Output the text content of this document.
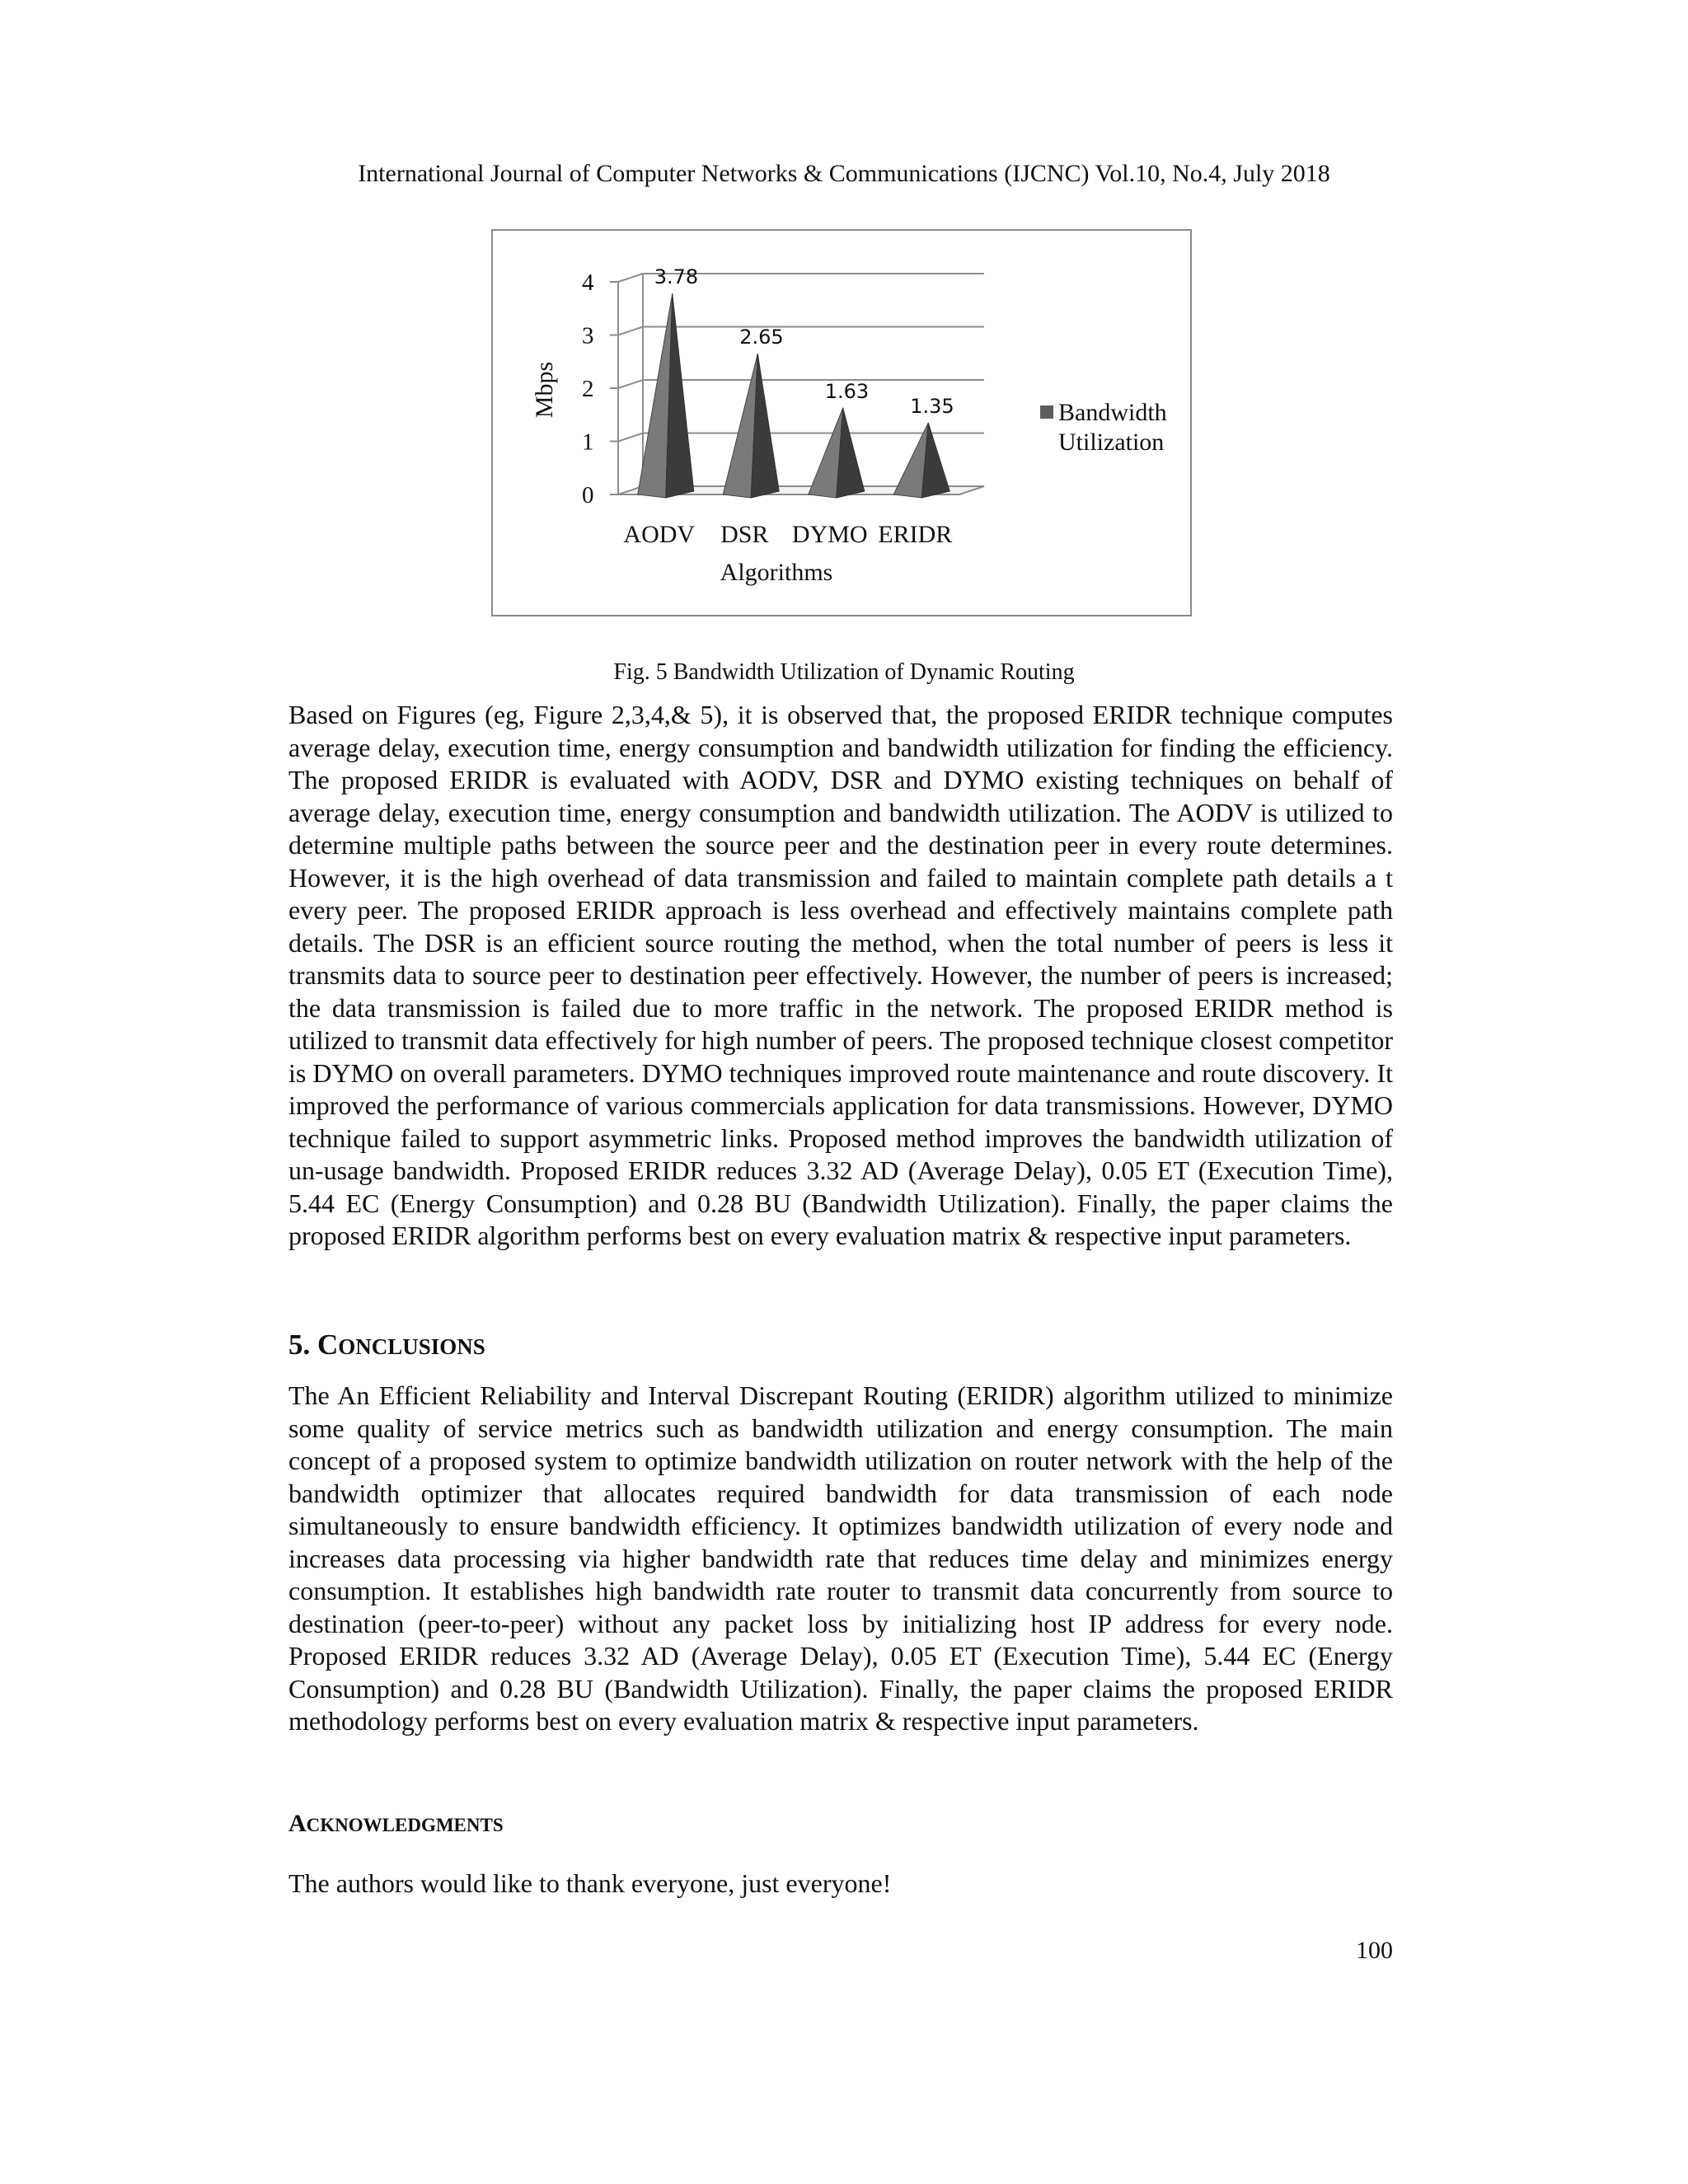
International Journal of Computer Networks & Communications (IJCNC) Vol.10, No.4, July 2018
0
1
2
3
4	3.78
AODV
2.65
DSR
1.63
DYMO
1.35
ERIDR
Algorithms
Mbps	Bandwidth
Utilization
Fig. 5 Bandwidth Utilization of Dynamic Routing

Based on Figures (eg, Figure 2,3,4,& 5), it is observed that, the proposed ERIDR technique computes average delay, execution time, energy consumption and bandwidth utilization for finding the efficiency. The proposed ERIDR is evaluated with AODV, DSR and DYMO existing techniques on behalf of average delay, execution time, energy consumption and bandwidth utilization. The AODV is utilized to determine multiple paths between the source peer and the destination peer in every route determines. However, it is the high overhead of data transmission and failed to maintain complete path details a t every peer. The proposed ERIDR approach is less overhead and effectively maintains complete path details. The DSR is an efficient source routing the method, when the total number of peers is less it transmits data to source peer to destination peer effectively. However, the number of peers is increased; the data transmission is failed due to more traffic in the network. The proposed ERIDR method is utilized to transmit data effectively for high number of peers. The proposed technique closest competitor is DYMO on overall parameters. DYMO techniques improved route maintenance and route discovery. It improved the performance of various commercials application for data transmissions. However, DYMO technique failed to support asymmetric links. Proposed method improves the bandwidth utilization of un-usage bandwidth. Proposed ERIDR reduces 3.32 AD (Average Delay), 0.05 ET (Execution Time), 5.44 EC (Energy Consumption) and 0.28 BU (Bandwidth Utilization). Finally, the paper claims the proposed ERIDR algorithm performs best on every evaluation matrix & respective input parameters.

5. CONCLUSIONS

The An Efficient Reliability and Interval Discrepant Routing (ERIDR) algorithm utilized to minimize some quality of service metrics such as bandwidth utilization and energy consumption. The main concept of a proposed system to optimize bandwidth utilization on router network with the help of the bandwidth optimizer that allocates required bandwidth for data transmission of each node simultaneously to ensure bandwidth efficiency. It optimizes bandwidth utilization of every node and increases data processing via higher bandwidth rate that reduces time delay and minimizes energy consumption. It establishes high bandwidth rate router to transmit data concurrently from source to destination (peer-to-peer) without any packet loss by initializing host IP address for every node. Proposed ERIDR reduces 3.32 AD (Average Delay), 0.05 ET (Execution Time), 5.44 EC (Energy Consumption) and 0.28 BU (Bandwidth Utilization). Finally, the paper claims the proposed ERIDR methodology performs best on every evaluation matrix & respective input parameters.

ACKNOWLEDGMENTS

The authors would like to thank everyone, just everyone!

100
